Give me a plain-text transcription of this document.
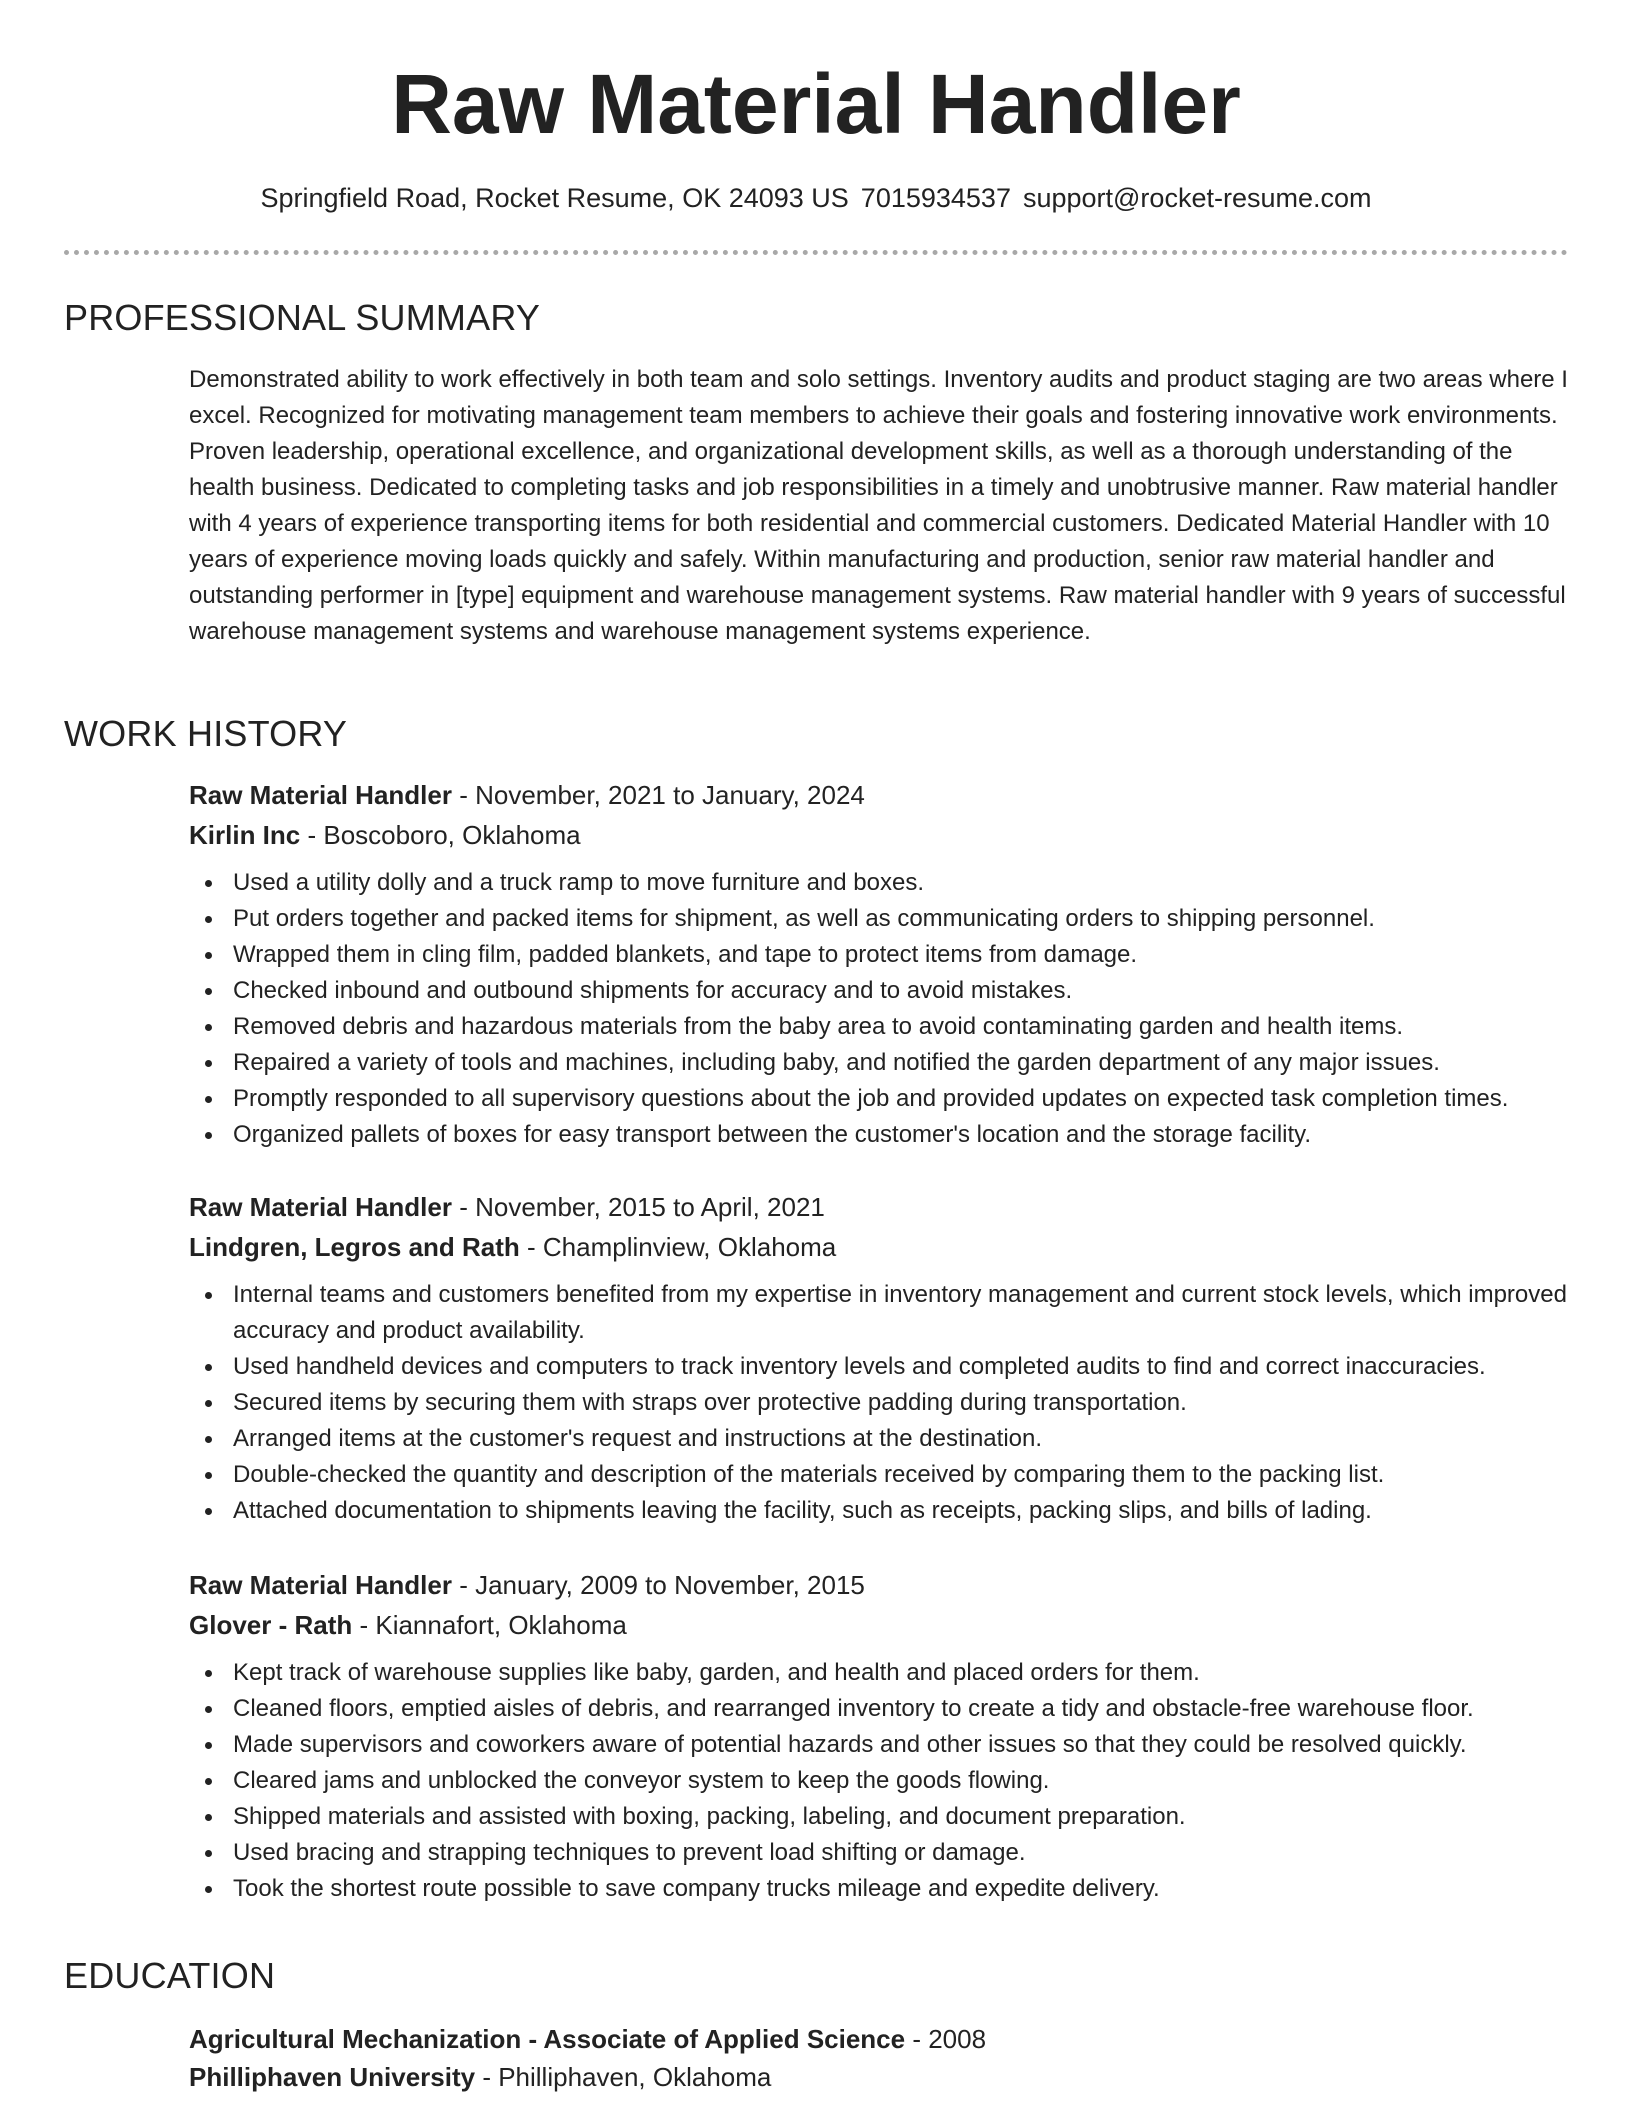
Raw Material Handler
Springfield Road, Rocket Resume, OK 24093 US 7015934537 support@rocket-resume.com
PROFESSIONAL SUMMARY

Demonstrated ability to work effectively in both team and solo settings. Inventory audits and product staging are two areas where I excel. Recognized for motivating management team members to achieve their goals and fostering innovative work environments. Proven leadership, operational excellence, and organizational development skills, as well as a thorough understanding of the health business. Dedicated to completing tasks and job responsibilities in a timely and unobtrusive manner. Raw material handler with 4 years of experience transporting items for both residential and commercial customers. Dedicated Material Handler with 10 years of experience moving loads quickly and safely. Within manufacturing and production, senior raw material handler and outstanding performer in [type] equipment and warehouse management systems. Raw material handler with 9 years of successful warehouse management systems and warehouse management systems experience.

WORK HISTORY
Raw Material Handler - November, 2021 to January, 2024
Kirlin Inc - Boscoboro, Oklahoma
Used a utility dolly and a truck ramp to move furniture and boxes.
Put orders together and packed items for shipment, as well as communicating orders to shipping personnel.
Wrapped them in cling film, padded blankets, and tape to protect items from damage.
Checked inbound and outbound shipments for accuracy and to avoid mistakes.
Removed debris and hazardous materials from the baby area to avoid contaminating garden and health items.
Repaired a variety of tools and machines, including baby, and notified the garden department of any major issues.
Promptly responded to all supervisory questions about the job and provided updates on expected task completion times.
Organized pallets of boxes for easy transport between the customer's location and the storage facility.
Raw Material Handler - November, 2015 to April, 2021
Lindgren, Legros and Rath - Champlinview, Oklahoma
Internal teams and customers benefited from my expertise in inventory management and current stock levels, which improved accuracy and product availability.
Used handheld devices and computers to track inventory levels and completed audits to find and correct inaccuracies.
Secured items by securing them with straps over protective padding during transportation.
Arranged items at the customer's request and instructions at the destination.
Double-checked the quantity and description of the materials received by comparing them to the packing list.
Attached documentation to shipments leaving the facility, such as receipts, packing slips, and bills of lading.
Raw Material Handler - January, 2009 to November, 2015
Glover - Rath - Kiannafort, Oklahoma
Kept track of warehouse supplies like baby, garden, and health and placed orders for them.
Cleaned floors, emptied aisles of debris, and rearranged inventory to create a tidy and obstacle-free warehouse floor.
Made supervisors and coworkers aware of potential hazards and other issues so that they could be resolved quickly.
Cleared jams and unblocked the conveyor system to keep the goods flowing.
Shipped materials and assisted with boxing, packing, labeling, and document preparation.
Used bracing and strapping techniques to prevent load shifting or damage.
Took the shortest route possible to save company trucks mileage and expedite delivery.
EDUCATION
Agricultural Mechanization - Associate of Applied Science - 2008
Philliphaven University - Philliphaven, Oklahoma
